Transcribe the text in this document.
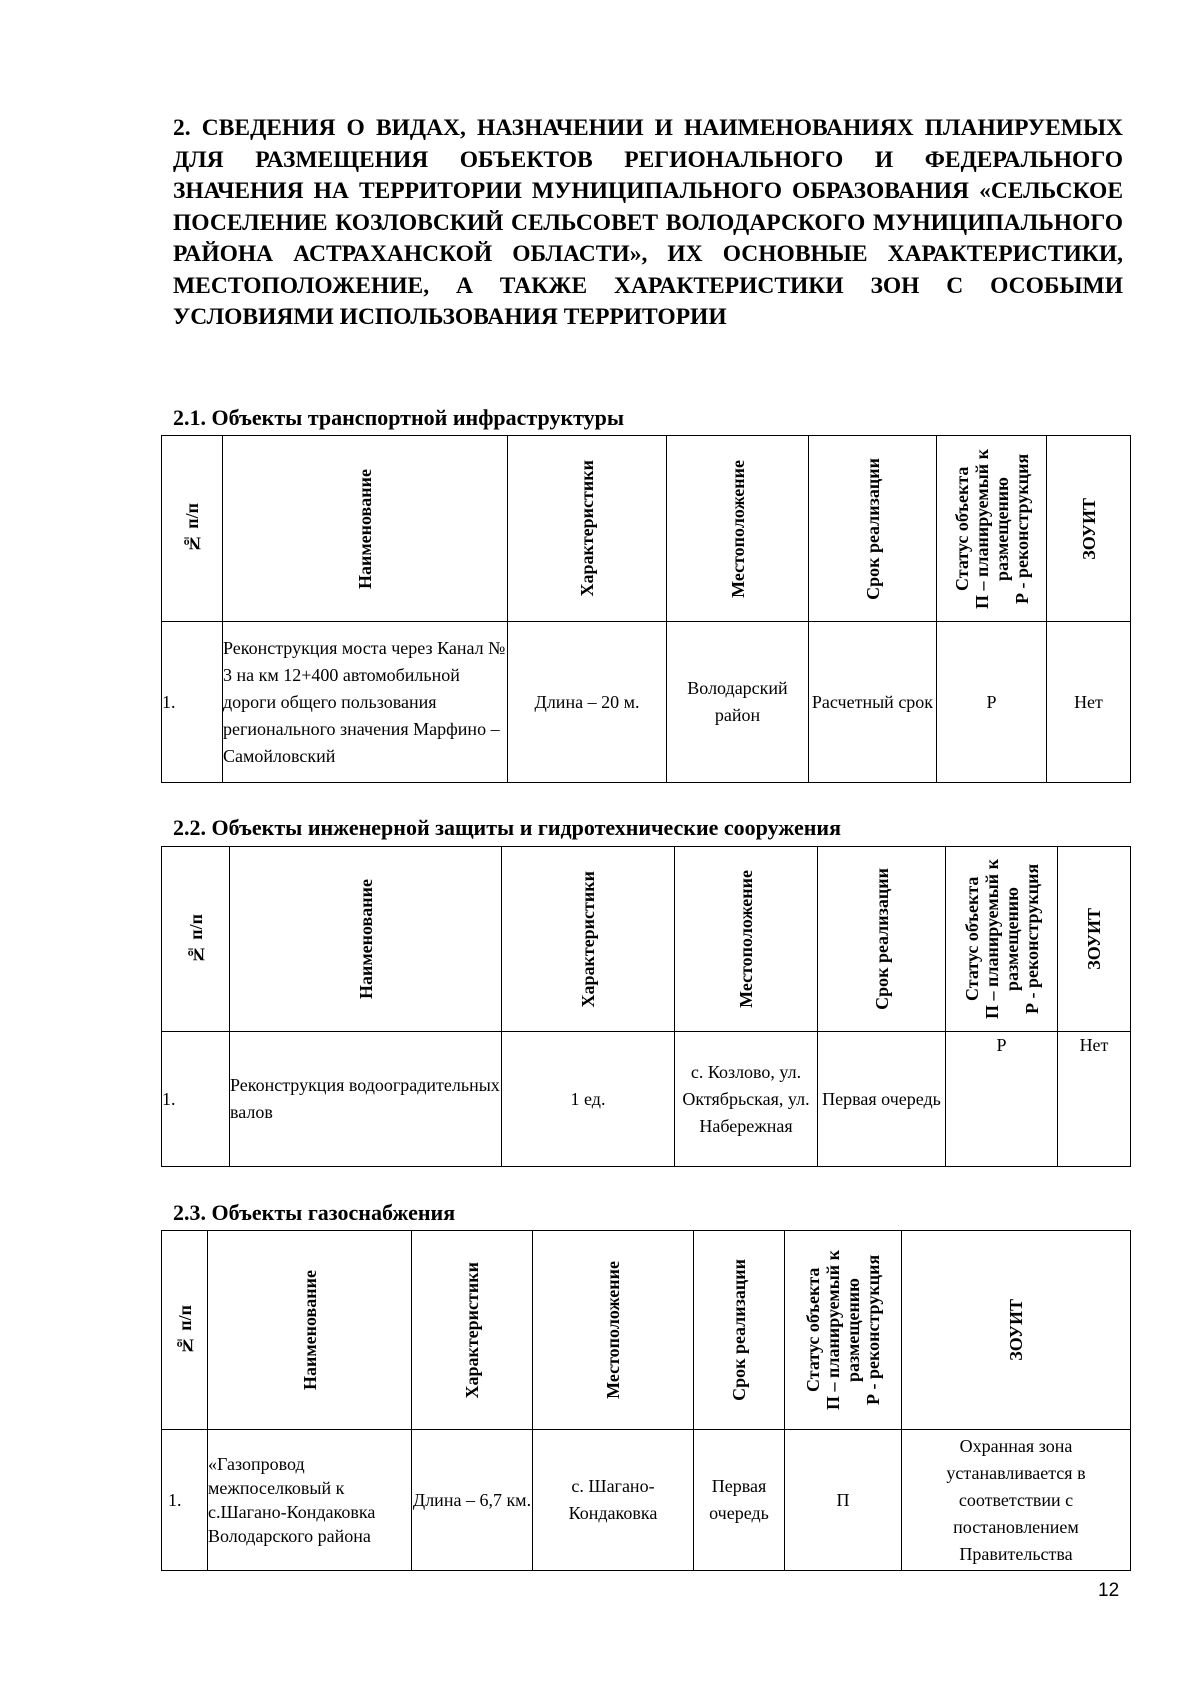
2. СВЕДЕНИЯ О ВИДАХ, НАЗНАЧЕНИИ И НАИМЕНОВАНИЯХ ПЛАНИРУЕМЫХ ДЛЯ РАЗМЕЩЕНИЯ ОБЪЕКТОВ РЕГИОНАЛЬНОГО И ФЕДЕРАЛЬНОГО ЗНАЧЕНИЯ НА ТЕРРИТОРИИ МУНИЦИПАЛЬНОГО ОБРАЗОВАНИЯ «СЕЛЬСКОЕ ПОСЕЛЕНИЕ КОЗЛОВСКИЙ СЕЛЬСОВЕТ ВОЛОДАРСКОГО МУНИЦИПАЛЬНОГО РАЙОНА АСТРАХАНСКОЙ ОБЛАСТИ», ИХ ОСНОВНЫЕ ХАРАКТЕРИСТИКИ, МЕСТОПОЛОЖЕНИЕ, А ТАКЖЕ ХАРАКТЕРИСТИКИ ЗОН С ОСОБЫМИ УСЛОВИЯМИ ИСПОЛЬЗОВАНИЯ ТЕРРИТОРИИ

2.1. Объекты транспортной инфраструктуры

№ п/п	Наименование	Характеристики	Местоположение	Срок реализации	Статус объекта
П – планируемый к
размещению
Р - реконструкция	ЗОУИТ

1.	Реконструкция моста через Канал № 3 на км 12+400 автомобильной дороги общего пользования регионального значения Марфино – Самойловский	Длина – 20 м.	Володарский район	Расчетный срок	Р	Нет

2.2. Объекты инженерной защиты и гидротехнические сооружения

№ п/п	Наименование	Характеристики	Местоположение	Срок реализации	Статус объекта
П – планируемый к
размещению
Р - реконструкция	ЗОУИТ

1.	Реконструкция водооградительных валов	1 ед.	с. Козлово, ул. Октябрьская, ул. Набережная	Первая очередь	Р	Нет

2.3. Объекты газоснабжения

№ п/п	Наименование	Характеристики	Местоположение	Срок реализации	Статус объекта
П – планируемый к
размещению
Р - реконструкция	ЗОУИТ

1.	«Газопровод межпоселковый к с.Шагано-Кондаковка Володарского района	Длина – 6,7 км.	с. Шагано-Кондаковка	Первая очередь	П	Охранная зона устанавливается в соответствии с постановлением Правительства
12
